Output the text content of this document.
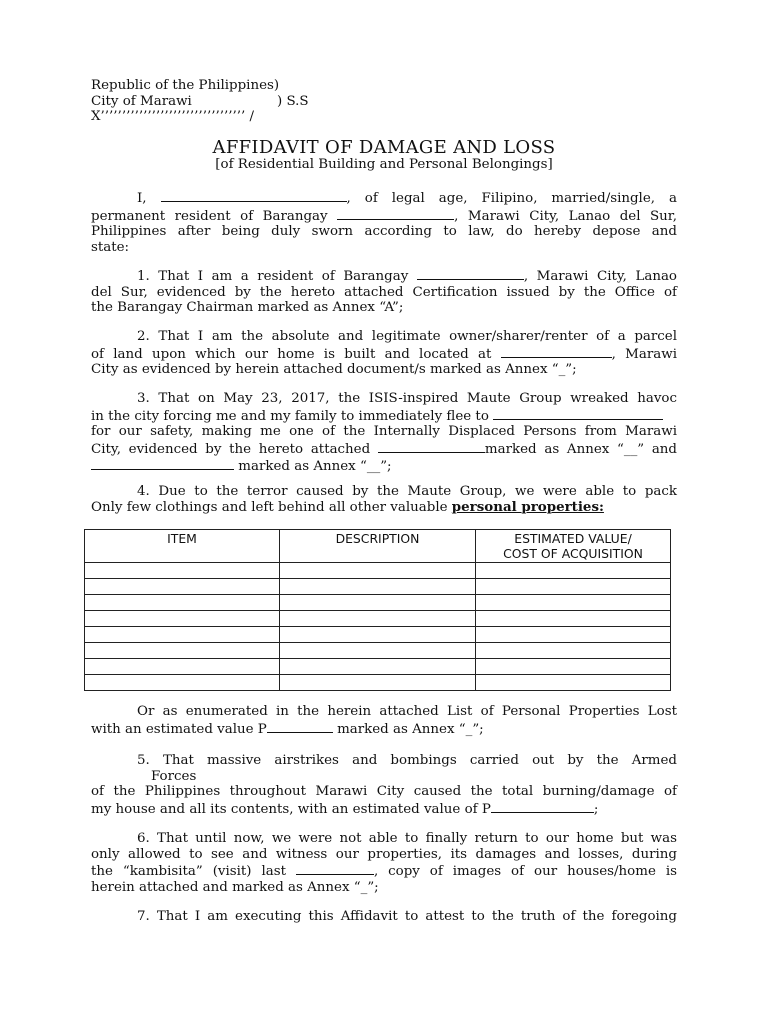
Republic of the Philippines)
City of Marawi                    ) S.S
X’’’’’’’’’’’’’’’’’’’’’’’’’’’’’’’’’’ /
AFFIDAVIT OF DAMAGE AND LOSS
[of Residential Building and Personal Belongings]
I,	, of legal age, Filipino, married/single, a
permanent resident of Barangay	, Marawi City, Lanao del Sur,
Philippines after being duly sworn according to law, do hereby depose and
state:
1. That I am a resident of Barangay	, Marawi City, Lanao
del Sur, evidenced by the hereto attached Certification issued by the Office of
the Barangay Chairman marked as Annex “A”;
2. That I am the absolute and legitimate owner/sharer/renter of a parcel
of land upon which our home is built and located at	, Marawi
City as evidenced by herein attached document/s marked as Annex “_”;
3. That on May 23, 2017, the ISIS-inspired Maute Group wreaked havoc
in the city forcing me and my family to immediately flee to
for our safety, making me one of the Internally Displaced Persons from Marawi
City, evidenced by the hereto attached	marked as Annex “__” and
marked as Annex “__”;
4. Due to the terror caused by the Maute Group, we were able to pack
Only few clothings and left behind all other valuable personal properties:
ITEM	DESCRIPTION	ESTIMATED VALUE/
COST OF ACQUISITION

Or as enumerated in the herein attached List of Personal Properties Lost
with an estimated value P	marked as Annex “_”;
5. That massive airstrikes and bombings carried out by the Armed
Forces
of the Philippines throughout Marawi City caused the total burning/damage of
my house and all its contents, with an estimated value of P	;
6. That until now, we were not able to finally return to our home but was
only allowed to see and witness our properties, its damages and losses, during
the “kambisita” (visit) last	, copy of images of our houses/home is
herein attached and marked as Annex “_”;
7. That I am executing this Affidavit to attest to the truth of the foregoing
